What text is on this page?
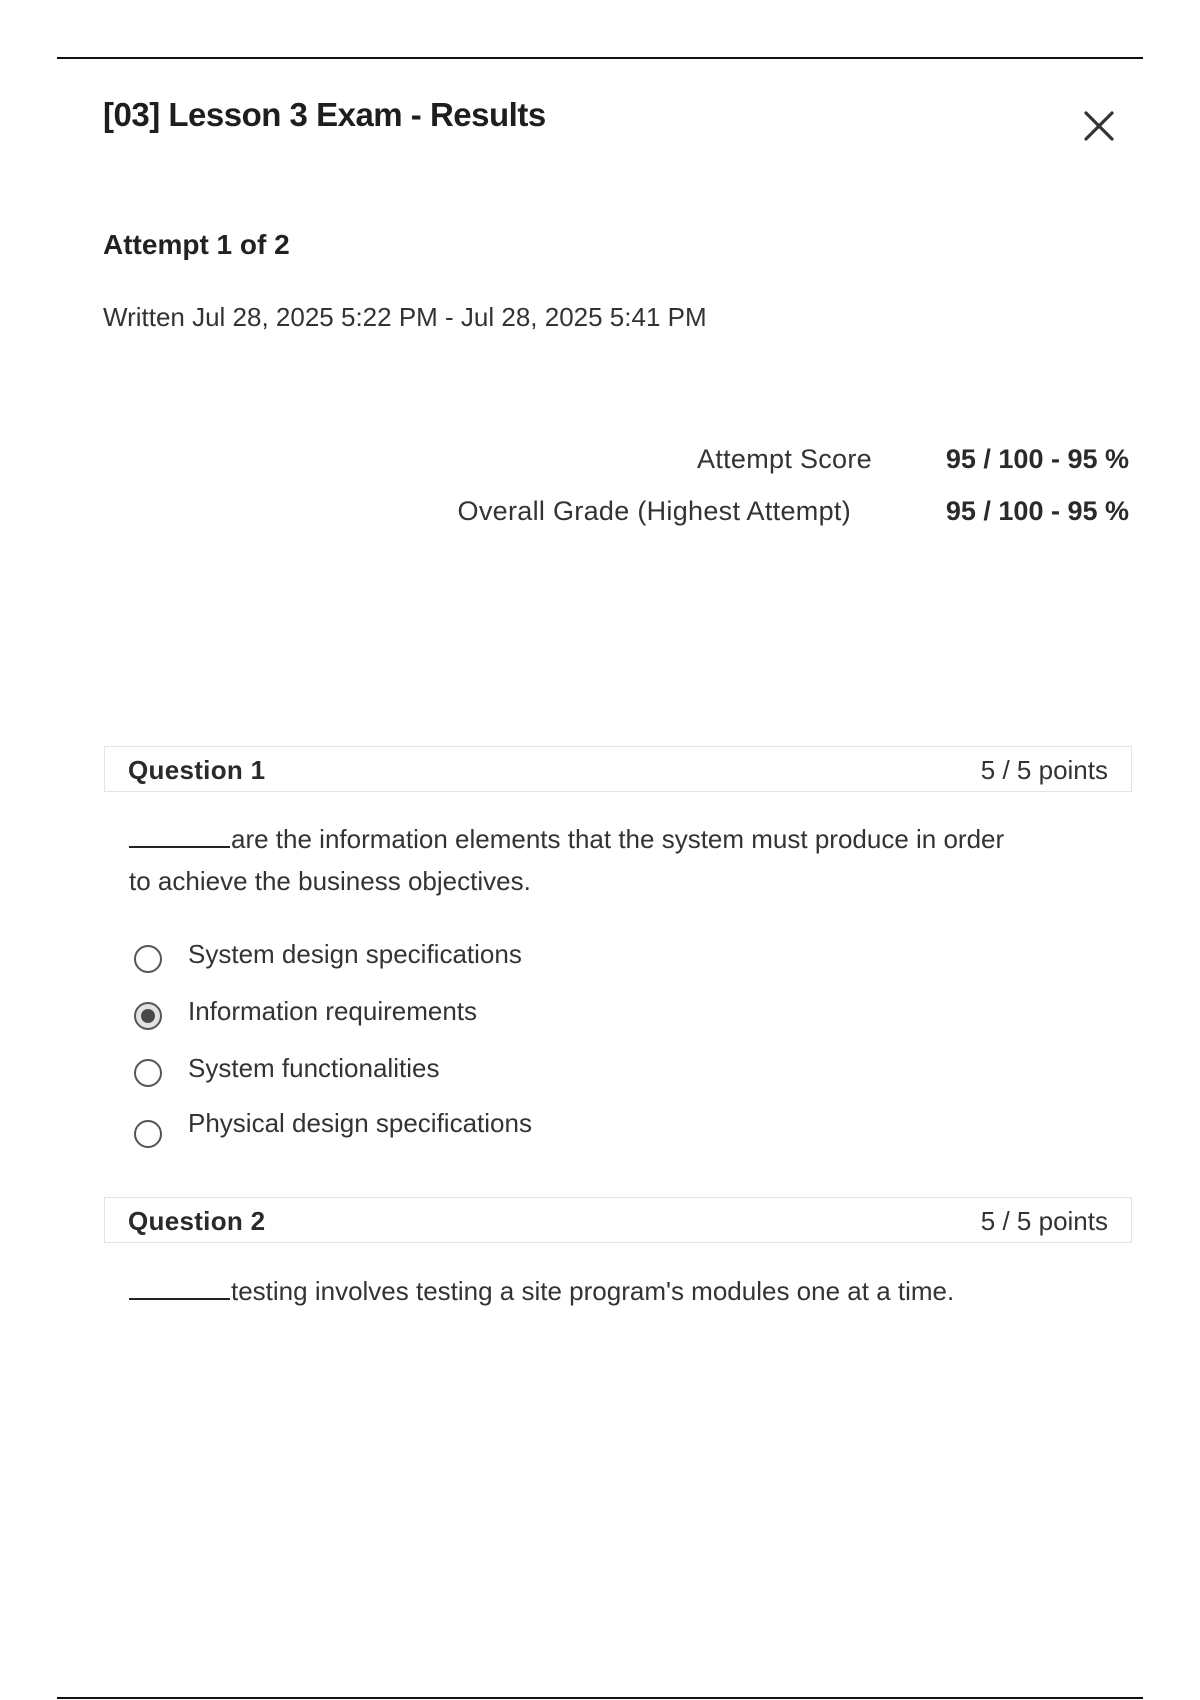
[03] Lesson 3 Exam - Results
Attempt 1 of 2
Written Jul 28, 2025 5:22 PM - Jul 28, 2025 5:41 PM
Attempt Score	95 / 100 - 95 %
Overall Grade (Highest Attempt)	95 / 100 - 95 %
Question 1	5 / 5 points
are the information elements that the system must produce in order
to achieve the business objectives.
System design specifications
Information requirements
System functionalities
Physical design specifications
Question 2	5 / 5 points
testing involves testing a site program's modules one at a time.
